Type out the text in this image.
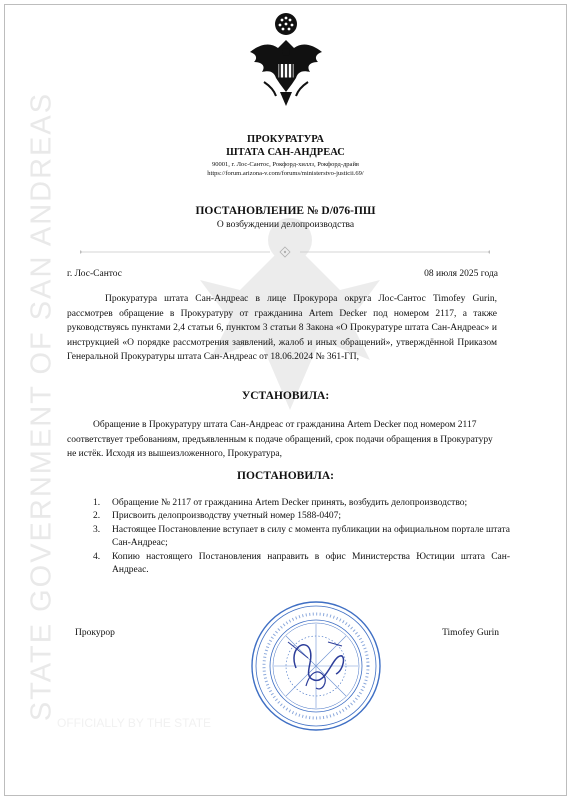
STATE GOVERNMENT OF SAN ANDREAS	ПРОКУРАТУРА
ШТАТА САН-АНДРЕАС
90001, г. Лос-Сантос, Рокфорд-хиллз, Рокфорд-драйв
https://forum.arizona-v.com/forums/ministerstvo-justicii.69/
ПОСТАНОВЛЕНИЕ № D/076-ПШ
О возбуждении делопроизводства
г. Лос-Сантос	08 июля 2025 года

Прокуратура штата Сан-Андреас в лице Прокурора округа Лос-Сантос Timofey Gurin, рассмотрев обращение в Прокуратуру от гражданина Artem Decker под номером 2117, а также руководствуясь пунктами 2,4 статьи 6, пунктом 3 статьи 8 Закона «О Прокуратуре штата Сан-Андреас» и инструкцией «О порядке рассмотрения заявлений, жалоб и иных обращений», утверждённой Приказом Генеральной Прокуратуры штата Сан-Андреас от 18.06.2024 № 361-ГП,

УСТАНОВИЛА:

Обращение в Прокуратуру штата Сан-Андреас от гражданина Artem Decker под номером 2117 соответствует требованиям, предъявленным к подаче обращений, срок подачи обращения в Прокуратуру не истёк. Исходя из вышеизложенного, Прокуратура,

ПОСТАНОВИЛА:
1. Обращение № 2117 от гражданина Artem Decker принять, возбудить делопроизводство;
2. Присвоить делопроизводству учетный номер 1588-0407;
3. Настоящее Постановление вступает в силу с момента публикации на официальном портале штата Сан-Андреас;
4. Копию настоящего Постановления направить в офис Министерства Юстиции штата Сан-Андреас.
Прокурор	Timofey Gurin
OFFICIALLY BY THE STATE
